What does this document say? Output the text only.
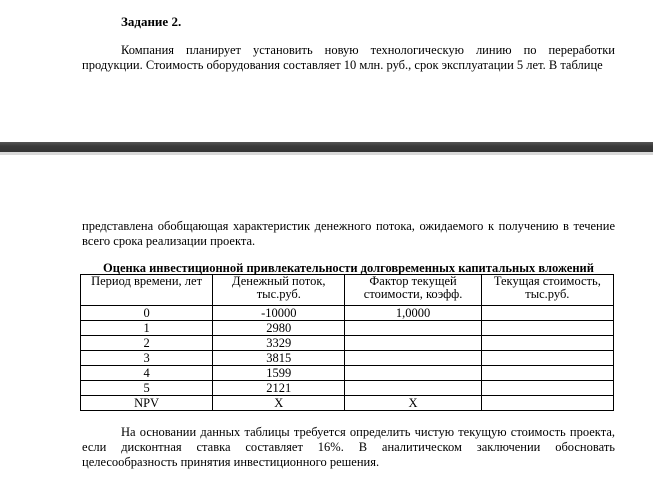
Задание 2.
Компания планирует установить новую технологическую линию по переработки
продукции. Стоимость оборудования составляет 10 млн. руб., срок эксплуатации 5 лет. В таблице
представлена обобщающая характеристик денежного потока, ожидаемого к получению в течение
всего срока реализации проекта.
Оценка инвестиционной привлекательности долговременных капитальных вложений
Период времени, лет	Денежный поток, тыс.руб.	Фактор текущей стоимости, коэфф.	Текущая стоимость, тыс.руб.
0	-10000	1,0000	
1	2980		
2	3329		
3	3815		
4	1599		
5	2121		
NPV	X	X	
На основании данных таблицы требуется определить чистую текущую стоимость проекта,
если дисконтная ставка составляет 16%. В аналитическом заключении обосновать
целесообразность принятия инвестиционного решения.
